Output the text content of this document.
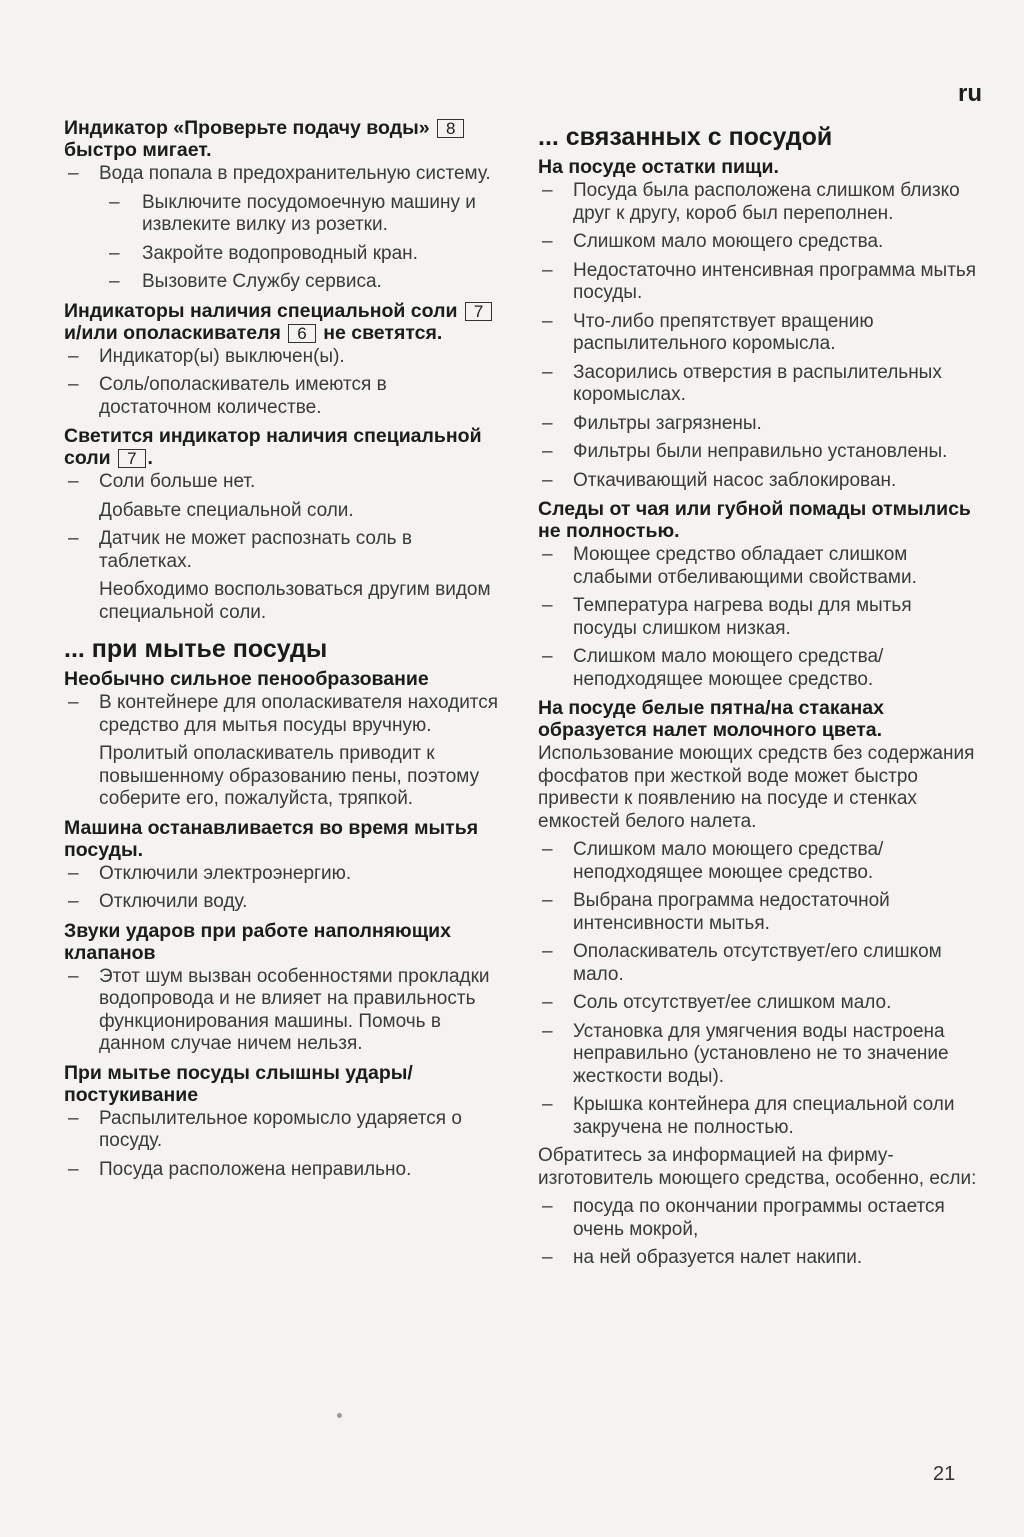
ru
Индикатор «Проверьте подачу воды» 8 быстро мигает.
– Вода попала в предохранительную систему.
– Выключите посудомоечную машину и извлеките вилку из розетки.
– Закройте водопроводный кран.
– Вызовите Службу сервиса.
Индикаторы наличия специальной соли 7 и/или ополаскивателя 6 не светятся.
– Индикатор(ы) выключен(ы).
– Соль/ополаскиватель имеются в достаточном количестве.
Светится индикатор наличия специальной соли 7 .
– Соли больше нет.
Добавьте специальной соли.
– Датчик не может распознать соль в таблетках.
Необходимо воспользоваться другим видом специальной соли.
... при мытье посуды
Необычно сильное пенообразование
– В контейнере для ополаскивателя находится средство для мытья посуды вручную.
Пролитый ополаскиватель приводит к повышенному образованию пены, поэтому соберите его, пожалуйста, тряпкой.
Машина останавливается во время мытья посуды.
– Отключили электроэнергию.
– Отключили воду.
Звуки ударов при работе наполняющих клапанов
– Этот шум вызван особенностями прокладки водопровода и не влияет на правильность функционирования машины. Помочь в данном случае ничем нельзя.
При мытье посуды слышны удары/ постукивание
– Распылительное коромысло ударяется о посуду.
– Посуда расположена неправильно.
... связанных с посудой
На посуде остатки пищи.
– Посуда была расположена слишком близко друг к другу, короб был переполнен.
– Слишком мало моющего средства.
– Недостаточно интенсивная программа мытья посуды.
– Что-либо препятствует вращению распылительного коромысла.
– Засорились отверстия в распылительных коромыслах.
– Фильтры загрязнены.
– Фильтры были неправильно установлены.
– Откачивающий насос заблокирован.
Следы от чая или губной помады отмылись не полностью.
– Моющее средство обладает слишком слабыми отбеливающими свойствами.
– Температура нагрева воды для мытья посуды слишком низкая.
– Слишком мало моющего средства/ неподходящее моющее средство.
На посуде белые пятна/на стаканах образуется налет молочного цвета.
Использование моющих средств без содержания фосфатов при жесткой воде может быстро привести к появлению на посуде и стенках емкостей белого налета.
– Слишком мало моющего средства/ неподходящее моющее средство.
– Выбрана программа недостаточной интенсивности мытья.
– Ополаскиватель отсутствует/его слишком мало.
– Соль отсутствует/ее слишком мало.
– Установка для умягчения воды настроена неправильно (установлено не то значение жесткости воды).
– Крышка контейнера для специальной соли закручена не полностью.
Обратитесь за информацией на фирму-изготовитель моющего средства, особенно, если:
– посуда по окончании программы остается очень мокрой,
– на ней образуется налет накипи.
21
